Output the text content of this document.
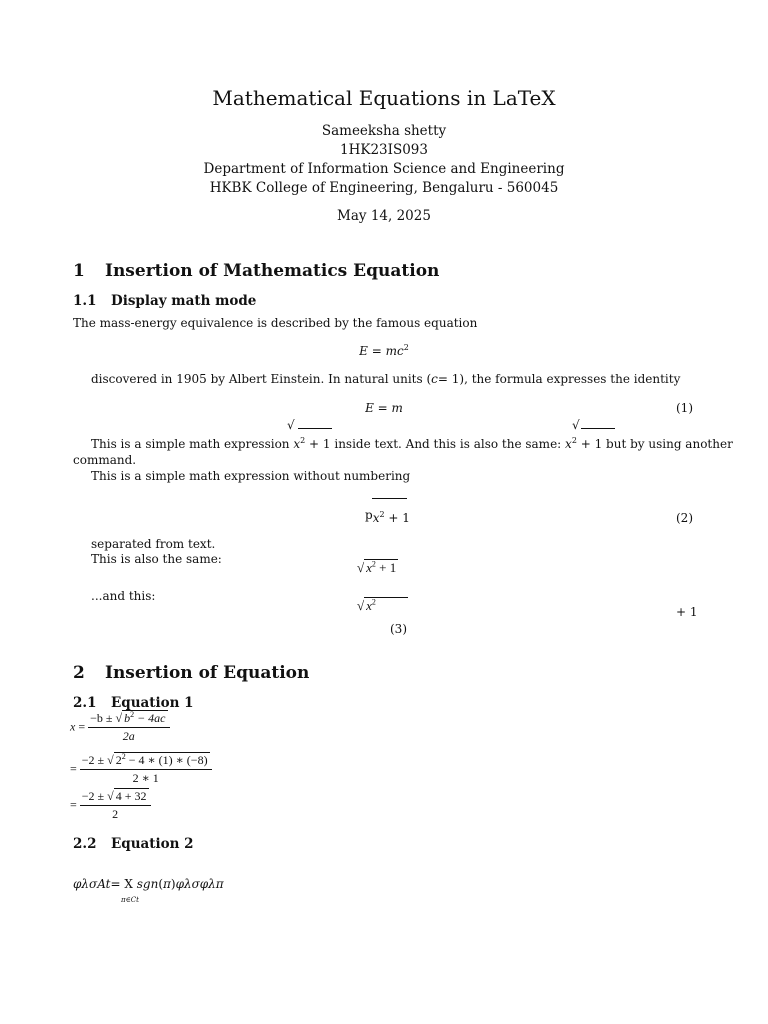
Mathematical Equations in LaTeX
Sameeksha shetty
1HK23IS093
Department of Information Science and Engineering
HKBK College of Engineering, Bengaluru - 560045
May 14, 2025
1 Insertion of Mathematics Equation
1.1 Display math mode
The mass-energy equivalence is described by the famous equation
$E = mc^2$
discovered in 1905 by Albert Einstein. In natural units (c= 1), the formula expresses the identity
E = m	(1)
√	√
This is a simple math expression $x^2 + 1$ inside text. And this is also the same: $x^2 + 1$ but by using another
command.
This is a simple math expression without numbering
$px^2 + 1$	(2)
separated from text.
This is also the same:
√ $x^2 + 1$
...and this:
√ $x^2$
+ 1
(3)
2 Insertion of Equation
2.1 Equation 1
$x = \frac{-b \pm √ b^2 - 4ac}{2a}$
= $\frac{-2 \pm √ 2^2 - 4 ∗ (1) ∗ (-8)}{2 ∗ 1}$
= $\frac{-2 \pm √ 4 + 32}{2}$
2.2 Equation 2
φλσAt= X sgn(π)φλσφλπ
π∈Ct
